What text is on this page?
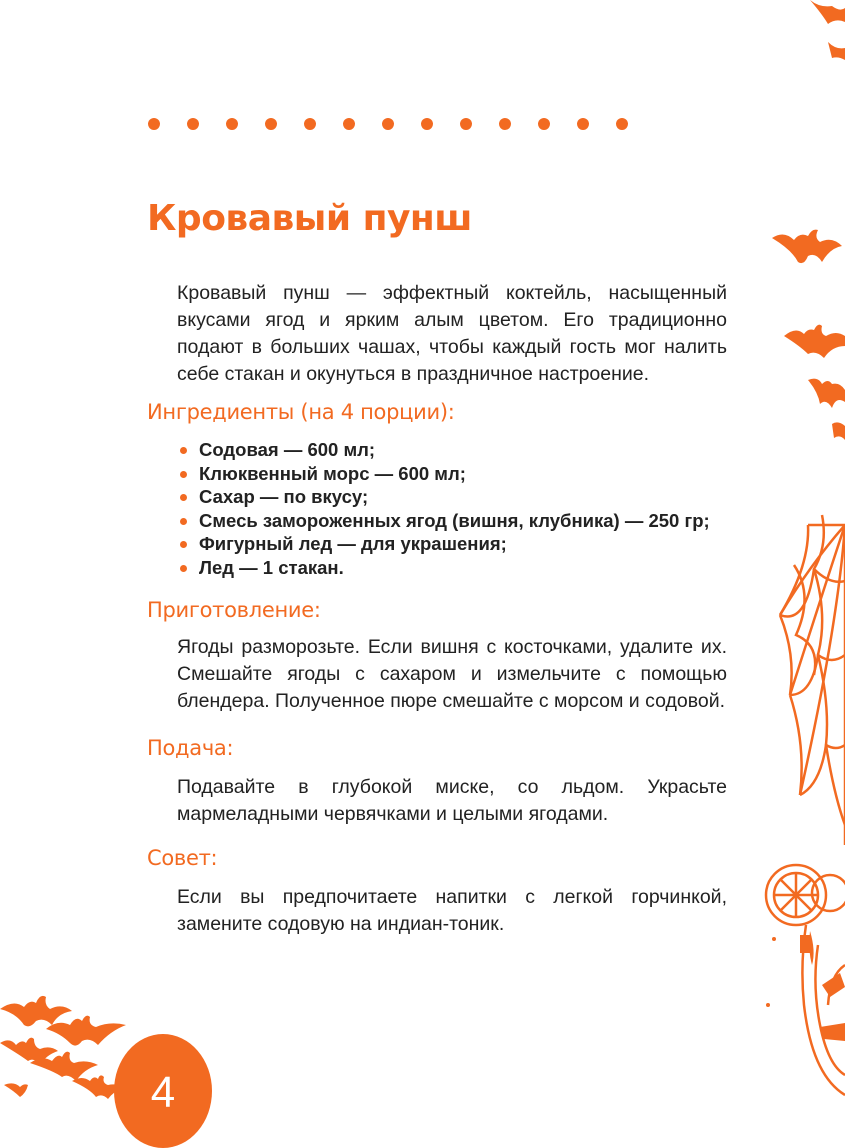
Кровавый пунш

Кровавый пунш — эффектный коктейль, насыщенный вкусами ягод и ярким алым цветом. Его традиционно подают в больших чашах, чтобы каждый гость мог налить себе стакан и окунуться в праздничное настроение.

Ингредиенты (на 4 порции):
Содовая — 600 мл;
Клюквенный морс — 600 мл;
Сахар — по вкусу;
Смесь замороженных ягод (вишня, клубника) — 250 гр;
Фигурный лед — для украшения;
Лед — 1 стакан.
Приготовление:

Ягоды разморозьте. Если вишня с косточками, удалите их. Смешайте ягоды с сахаром и измельчите с помощью блендера. Полученное пюре смешайте с морсом и содовой.

Подача:

Подавайте в глубокой миске, со льдом. Украсьте мармеладными червячками и целыми ягодами.

Совет:

Если вы предпочитаете напитки с легкой горчинкой, замените содовую на индиан-тоник.

4
